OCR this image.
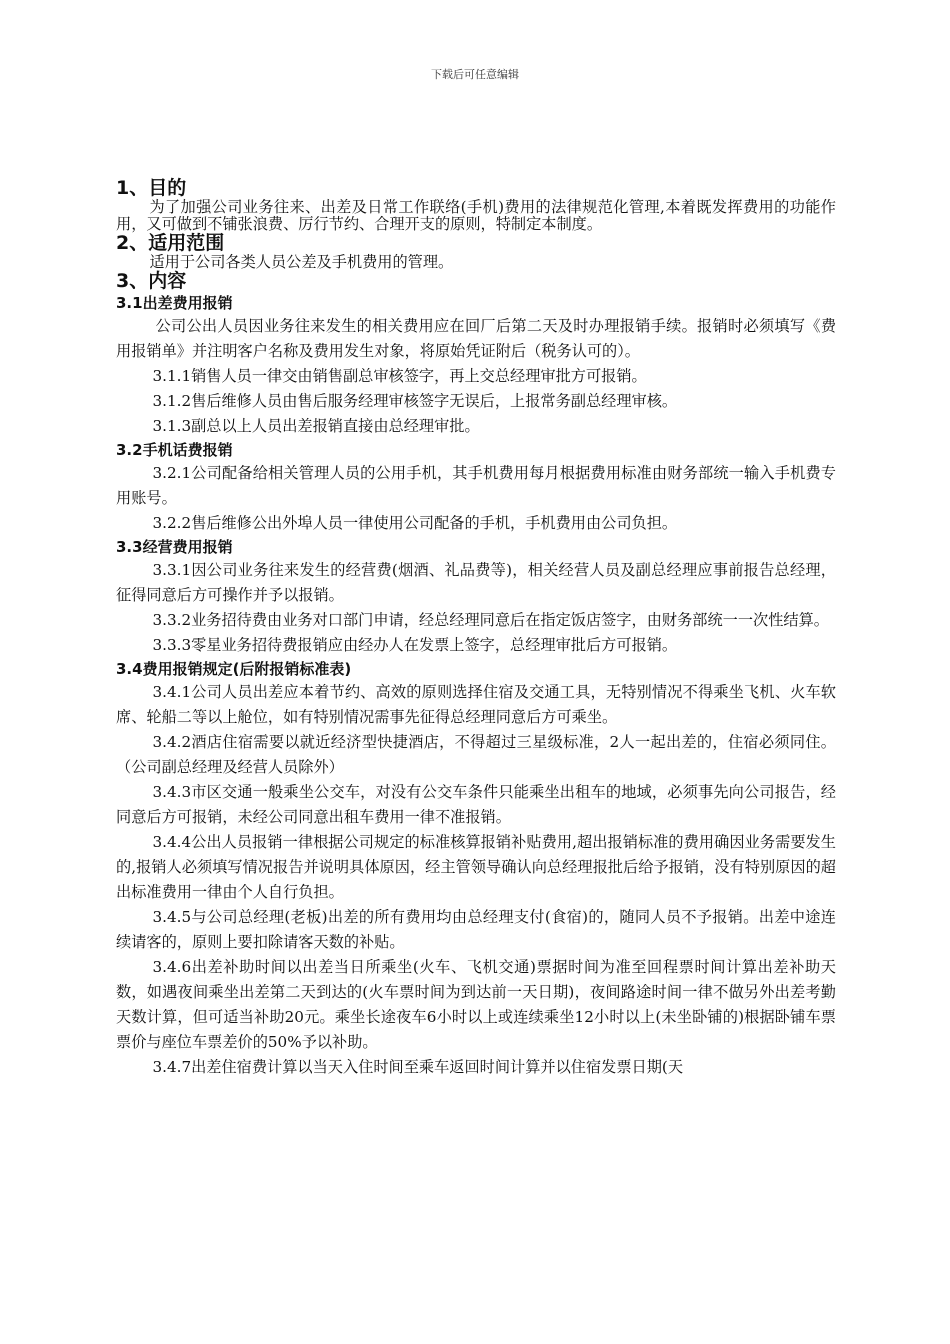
下载后可任意编辑
1、目的

为了加强公司业务往来、出差及日常工作联络(手机)费用的法律规范化管理,本着既发挥费用的功能作用，又可做到不铺张浪费、厉行节约、合理开支的原则，特制定本制度。

2、适用范围

适用于公司各类人员公差及手机费用的管理。

3、内容
3.1出差费用报销

公司公出人员因业务往来发生的相关费用应在回厂后第二天及时办理报销手续。报销时必须填写《费用报销单》并注明客户名称及费用发生对象，将原始凭证附后（税务认可的）。

3.1.1销售人员一律交由销售副总审核签字，再上交总经理审批方可报销。

3.1.2售后维修人员由售后服务经理审核签字无误后，上报常务副总经理审核。

3.1.3副总以上人员出差报销直接由总经理审批。

3.2手机话费报销

3.2.1公司配备给相关管理人员的公用手机，其手机费用每月根据费用标准由财务部统一输入手机费专用账号。

3.2.2售后维修公出外埠人员一律使用公司配备的手机，手机费用由公司负担。

3.3经营费用报销

3.3.1因公司业务往来发生的经营费(烟酒、礼品费等)，相关经营人员及副总经理应事前报告总经理，征得同意后方可操作并予以报销。

3.3.2业务招待费由业务对口部门申请，经总经理同意后在指定饭店签字，由财务部统一一次性结算。

3.3.3零星业务招待费报销应由经办人在发票上签字，总经理审批后方可报销。

3.4费用报销规定(后附报销标准表)

3.4.1公司人员出差应本着节约、高效的原则选择住宿及交通工具，无特别情况不得乘坐飞机、火车软席、轮船二等以上舱位，如有特别情况需事先征得总经理同意后方可乘坐。

3.4.2酒店住宿需要以就近经济型快捷酒店，不得超过三星级标准，2人一起出差的，住宿必须同住。（公司副总经理及经营人员除外）

3.4.3市区交通一般乘坐公交车，对没有公交车条件只能乘坐出租车的地域，必须事先向公司报告，经同意后方可报销，未经公司同意出租车费用一律不准报销。

3.4.4公出人员报销一律根据公司规定的标准核算报销补贴费用,超出报销标准的费用确因业务需要发生的,报销人必须填写情况报告并说明具体原因，经主管领导确认向总经理报批后给予报销，没有特别原因的超出标准费用一律由个人自行负担。

3.4.5与公司总经理(老板)出差的所有费用均由总经理支付(食宿)的，随同人员不予报销。出差中途连续请客的，原则上要扣除请客天数的补贴。

3.4.6出差补助时间以出差当日所乘坐(火车、飞机交通)票据时间为准至回程票时间计算出差补助天数，如遇夜间乘坐出差第二天到达的(火车票时间为到达前一天日期)，夜间路途时间一律不做另外出差考勤天数计算，但可适当补助20元。乘坐长途夜车6小时以上或连续乘坐12小时以上(未坐卧铺的)根据卧铺车票票价与座位车票差价的50%予以补助。

3.4.7出差住宿费计算以当天入住时间至乘车返回时间计算并以住宿发票日期(天
